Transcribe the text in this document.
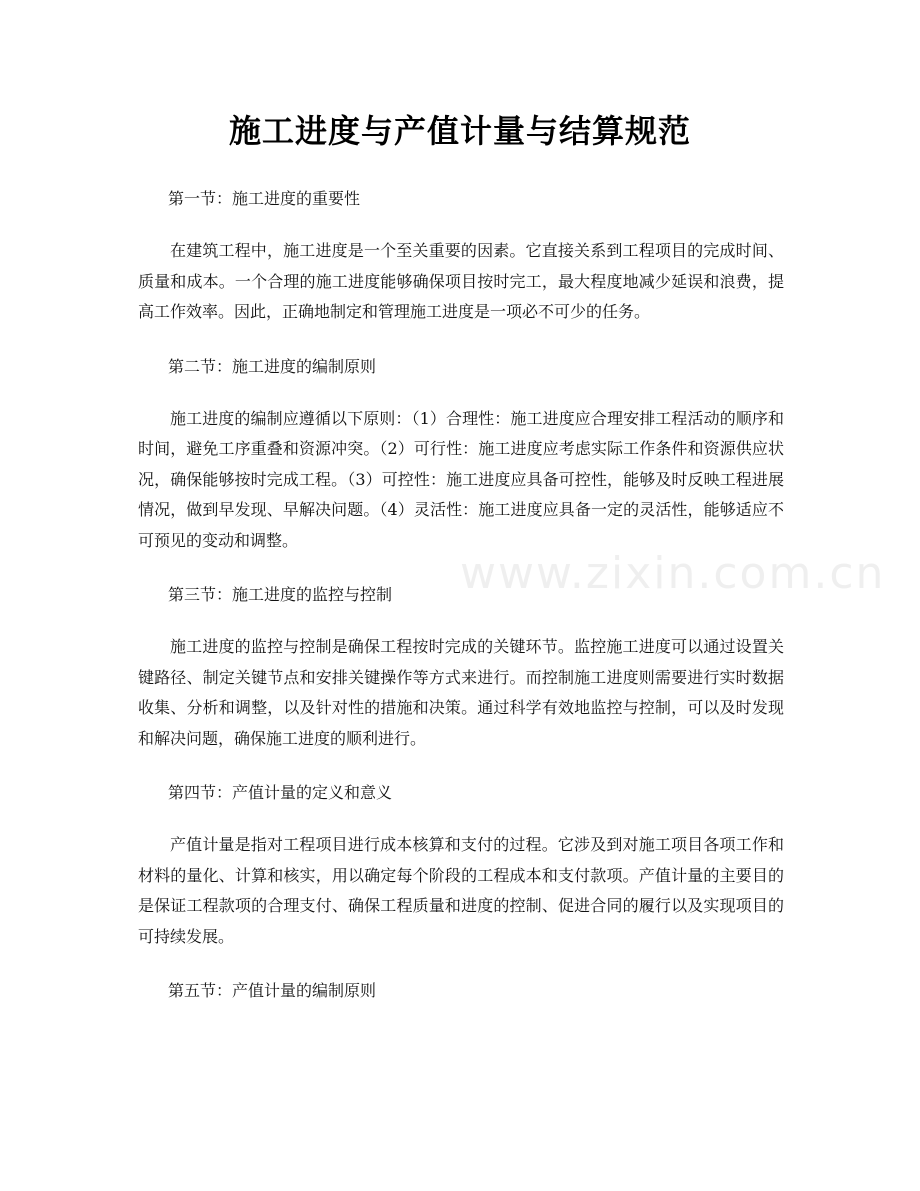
www.zixin.com.cn
施工进度与产值计量与结算规范

第一节：施工进度的重要性

在建筑工程中，施工进度是一个至关重要的因素。它直接关系到工程项目的完成时间、质量和成本。一个合理的施工进度能够确保项目按时完工，最大程度地减少延误和浪费，提高工作效率。因此，正确地制定和管理施工进度是一项必不可少的任务。

第二节：施工进度的编制原则

施工进度的编制应遵循以下原则：（1）合理性：施工进度应合理安排工程活动的顺序和时间，避免工序重叠和资源冲突。（2）可行性：施工进度应考虑实际工作条件和资源供应状况，确保能够按时完成工程。（3）可控性：施工进度应具备可控性，能够及时反映工程进展情况，做到早发现、早解决问题。（4）灵活性：施工进度应具备一定的灵活性，能够适应不可预见的变动和调整。

第三节：施工进度的监控与控制

施工进度的监控与控制是确保工程按时完成的关键环节。监控施工进度可以通过设置关键路径、制定关键节点和安排关键操作等方式来进行。而控制施工进度则需要进行实时数据收集、分析和调整，以及针对性的措施和决策。通过科学有效地监控与控制，可以及时发现和解决问题，确保施工进度的顺利进行。

第四节：产值计量的定义和意义

产值计量是指对工程项目进行成本核算和支付的过程。它涉及到对施工项目各项工作和材料的量化、计算和核实，用以确定每个阶段的工程成本和支付款项。产值计量的主要目的是保证工程款项的合理支付、确保工程质量和进度的控制、促进合同的履行以及实现项目的可持续发展。

第五节：产值计量的编制原则
